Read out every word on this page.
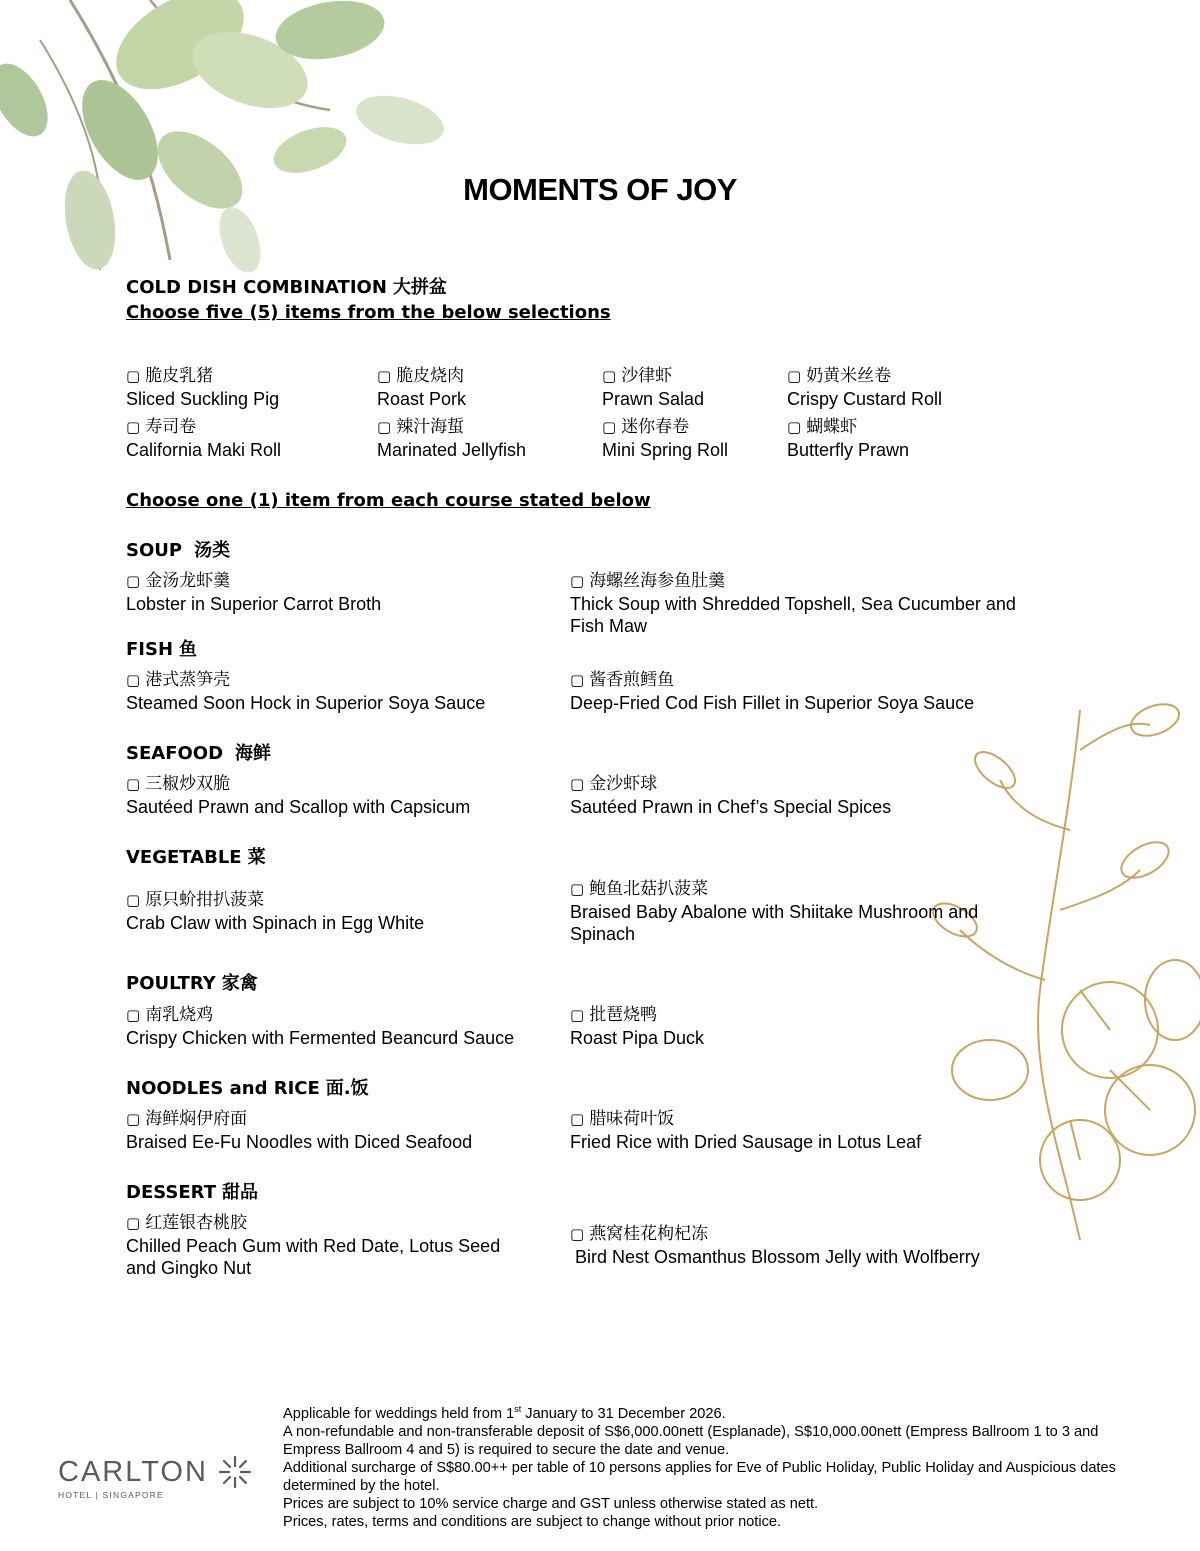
MOMENTS OF JOY
COLD DISH COMBINATION 大拼盆
Choose five (5) items from the below selections
▢ 脆皮乳猪
Sliced Suckling Pig
▢ 脆皮烧肉
Roast Pork
▢ 沙律虾
Prawn Salad
▢ 奶黄米丝卷
Crispy Custard Roll
▢ 寿司卷
California Maki Roll
▢ 辣汁海蜇
Marinated Jellyfish
▢ 迷你春卷
Mini Spring Roll
▢ 蝴蝶虾
Butterfly Prawn
Choose one (1) item from each course stated below
SOUP 汤类
▢ 金汤龙虾羹
Lobster in Superior Carrot Broth
▢ 海螺丝海参鱼肚羹
Thick Soup with Shredded Topshell, Sea Cucumber and Fish Maw
FISH 鱼
▢ 港式蒸笋壳
Steamed Soon Hock in Superior Soya Sauce
▢ 酱香煎鳕鱼
Deep-Fried Cod Fish Fillet in Superior Soya Sauce
SEAFOOD 海鲜
▢ 三椒炒双脆
Sautéed Prawn and Scallop with Capsicum
▢ 金沙虾球
Sautéed Prawn in Chef’s Special Spices
VEGETABLE 菜
▢ 原只蚧拑扒菠菜
Crab Claw with Spinach in Egg White
▢ 鲍鱼北菇扒菠菜
Braised Baby Abalone with Shiitake Mushroom and Spinach
POULTRY 家禽
▢ 南乳烧鸡
Crispy Chicken with Fermented Beancurd Sauce
▢ 批琶烧鸭
Roast Pipa Duck
NOODLES and RICE 面.饭
▢ 海鲜焖伊府面
Braised Ee-Fu Noodles with Diced Seafood
▢ 腊味荷叶饭
Fried Rice with Dried Sausage in Lotus Leaf
DESSERT 甜品
▢ 红莲银杏桃胶
Chilled Peach Gum with Red Date, Lotus Seed and Gingko Nut
▢ 燕窝桂花枸杞冻
Bird Nest Osmanthus Blossom Jelly with Wolfberry
CARLTON
HOTEL | SINGAPORE
Applicable for weddings held from 1st January to 31 December 2026.
A non-refundable and non-transferable deposit of S$6,000.00nett (Esplanade), S$10,000.00nett (Empress Ballroom 1 to 3 and Empress Ballroom 4 and 5) is required to secure the date and venue.
Additional surcharge of S$80.00++ per table of 10 persons applies for Eve of Public Holiday, Public Holiday and Auspicious dates determined by the hotel.
Prices are subject to 10% service charge and GST unless otherwise stated as nett.
Prices, rates, terms and conditions are subject to change without prior notice.
